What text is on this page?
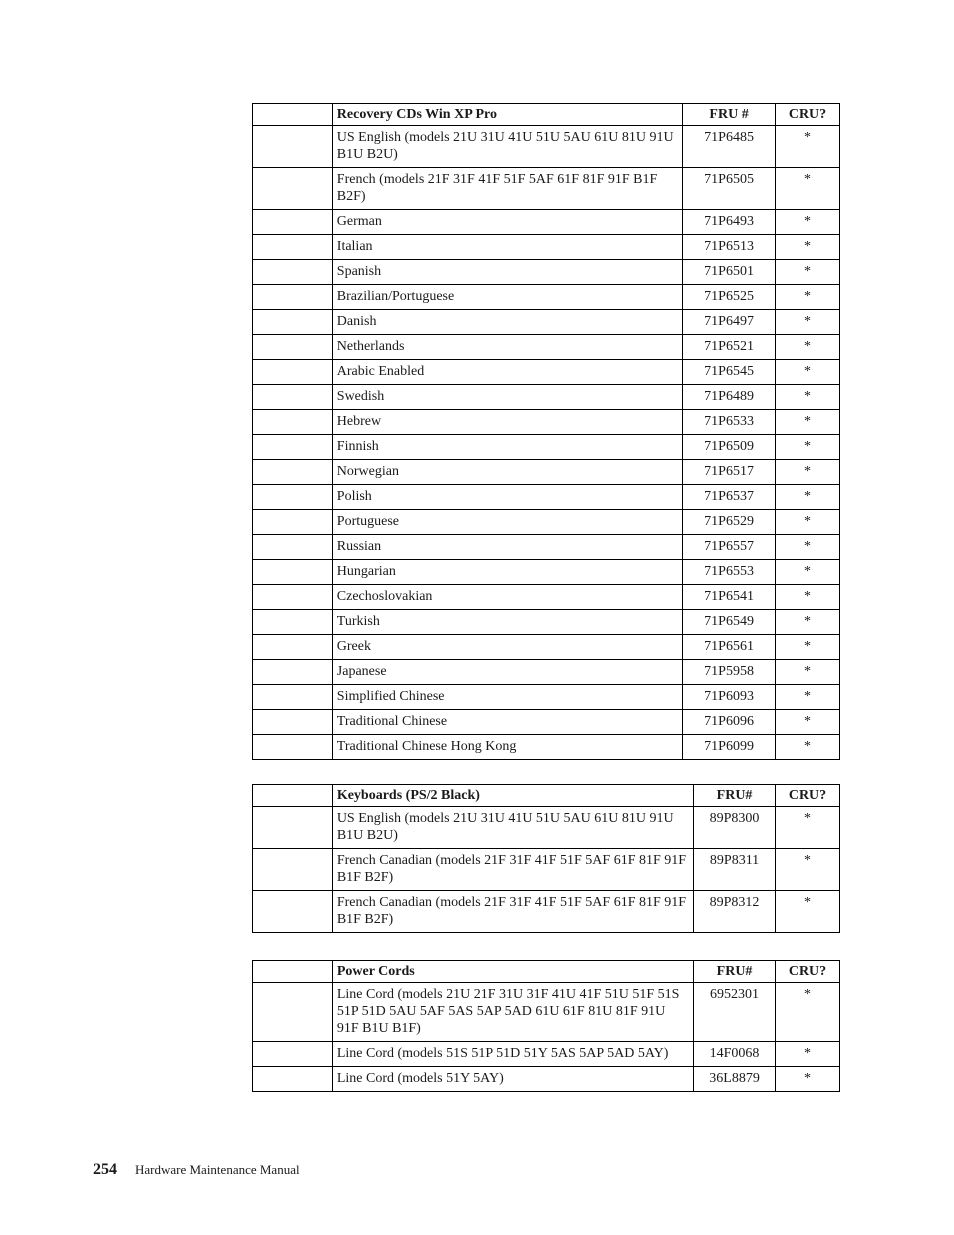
	Recovery CDs Win XP Pro	FRU #	CRU?
	US English (models 21U 31U 41U 51U 5AU 61U 81U 91U B1U B2U)	71P6485	*
	French (models 21F 31F 41F 51F 5AF 61F 81F 91F B1F B2F)	71P6505	*
	German	71P6493	*
	Italian	71P6513	*
	Spanish	71P6501	*
	Brazilian/Portuguese	71P6525	*
	Danish	71P6497	*
	Netherlands	71P6521	*
	Arabic Enabled	71P6545	*
	Swedish	71P6489	*
	Hebrew	71P6533	*
	Finnish	71P6509	*
	Norwegian	71P6517	*
	Polish	71P6537	*
	Portuguese	71P6529	*
	Russian	71P6557	*
	Hungarian	71P6553	*
	Czechoslovakian	71P6541	*
	Turkish	71P6549	*
	Greek	71P6561	*
	Japanese	71P5958	*
	Simplified Chinese	71P6093	*
	Traditional Chinese	71P6096	*
	Traditional Chinese Hong Kong	71P6099	*
	Keyboards (PS/2 Black)	FRU#	CRU?
	US English (models 21U 31U 41U 51U 5AU 61U 81U 91U B1U B2U)	89P8300	*
	French Canadian (models 21F 31F 41F 51F 5AF 61F 81F 91F B1F B2F)	89P8311	*
	French Canadian (models 21F 31F 41F 51F 5AF 61F 81F 91F B1F B2F)	89P8312	*
	Power Cords	FRU#	CRU?
	Line Cord (models 21U 21F 31U 31F 41U 41F 51U 51F 51S 51P 51D 5AU 5AF 5AS 5AP 5AD 61U 61F 81U 81F 91U 91F B1U B1F)	6952301	*
	Line Cord (models 51S 51P 51D 51Y 5AS 5AP 5AD 5AY)	14F0068	*
	Line Cord (models 51Y 5AY)	36L8879	*
254 Hardware Maintenance Manual
